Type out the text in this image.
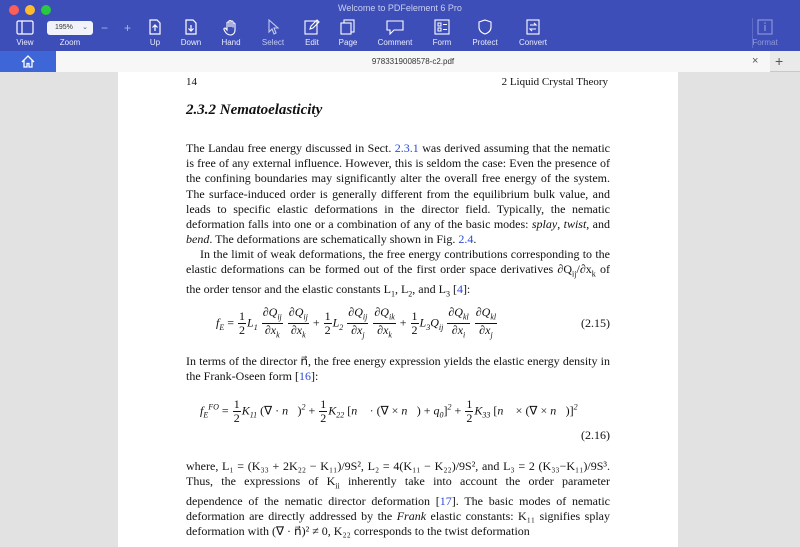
Welcome to PDFelement 6 Pro
View
195% ⌄
Zoom
− +
Up	Down	Hand	Select	Edit Page	Comment	Form	Protect	Convert	Format
9783319008578-c2.pdf	× +
14	2 Liquid Crystal Theory
2.3.2 Nematoelasticity
The Landau free energy discussed in Sect. 2.3.1 was derived assuming that the nematic is free of any external influence. However, this is seldom the case: Even the presence of the confining boundaries may significantly alter the overall free energy of the system. The surface-induced order is generally different from the equilibrium bulk value, and leads to specific elastic deformations in the director field. Typically, the nematic deformation falls into one or a combination of any of the basic modes: splay, twist, and bend. The deformations are schematically shown in Fig. 2.4.
In the limit of weak deformations, the free energy contributions corresponding to the elastic deformations can be formed out of the first order space derivatives $\partial Q_{ij}/\partial x_k$ of the order tensor and the elastic constants $L_1$, $L_2$, and $L_3$ [4]:
$f_E = \frac{1}{2} L_1 \frac{\partial Q_{ij}}{\partial x_k}$
$\frac{\partial Q_{ij}}{\partial x_k} + \frac{1}{2} L_2 \frac{\partial Q_{ij}}{\partial x_j}$
$\frac{\partial Q_{ik}}{\partial x_k} + \frac{1}{2} L_3Q_{ij} \frac{\partial Q_{kl}}{\partial x_i}$
$\frac{\partial Q_{kl}}{\partial x_j}$	(2.15)
In terms of the director n⃗, the free energy expression yields the elastic energy density in the Frank-Oseen form [16]:
$f_E^{FO} = \frac{1}{2} K_{11}$ (∇ · n⃗)$^2$ + $\frac{1}{2} K_{22}$ [n⃗ · (∇ × n⃗) + $q_0]^2 + \frac{1}{2} K_{33}$ [n⃗ × (∇ × n⃗)]$^2$
(2.16)
where, L₁ = (K₃₃ + 2K₂₂ − K₁₁)/9S², L₂ = 4(K₁₁ − K₂₂)/9S², and L₃ = 2 (K₃₃−K₁₁)/9S³. Thus, the expressions of $K_{ii}$ inherently take into account the order parameter dependence of the nematic director deformation [17]. The basic modes of nematic deformation are directly addressed by the Frank elastic constants: K₁₁ signifies splay deformation with (∇ · n⃗)² ≠ 0, K₂₂ corresponds to the twist deformation
